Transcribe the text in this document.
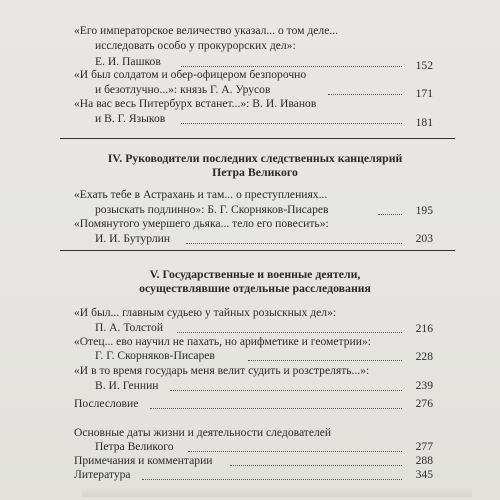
«Его императорское величество указал... о том деле...
исследовать особо у прокурорских дел»:
Е. И. Пашков	152
«И был солдатом и обер-офицером безпорочно
и безотлучно...»: князь Г. А. Урусов	171
«На вас весь Питербурх встанет...»: В. И. Иванов
и В. Г. Языков	181
IV. Руководители последних следственных канцелярий
Петра Великого
«Ехать тебе в Астрахань и там... о преступлениях...
розыскать подлинно»: Б. Г. Скорняков-Писарев	195
«Помянутого умершего дьяка... тело его повесить»:
И. И. Бутурлин	203
V. Государственные и военные деятели,
осуществлявшие отдельные расследования
«И был... главным судьею у тайных розыскных дел»:
П. А. Толстой	216
«Отец... ево научил не пахать, но арифметике и геометрии»:
Г. Г. Скорняков-Писарев	228
«И в то время государь меня велит судить и розстрелять...»:
В. И. Геннин	239
Послесловие	276
Основные даты жизни и деятельности следователей
Петра Великого	277
Примечания и комментарии	288
Литература	345
